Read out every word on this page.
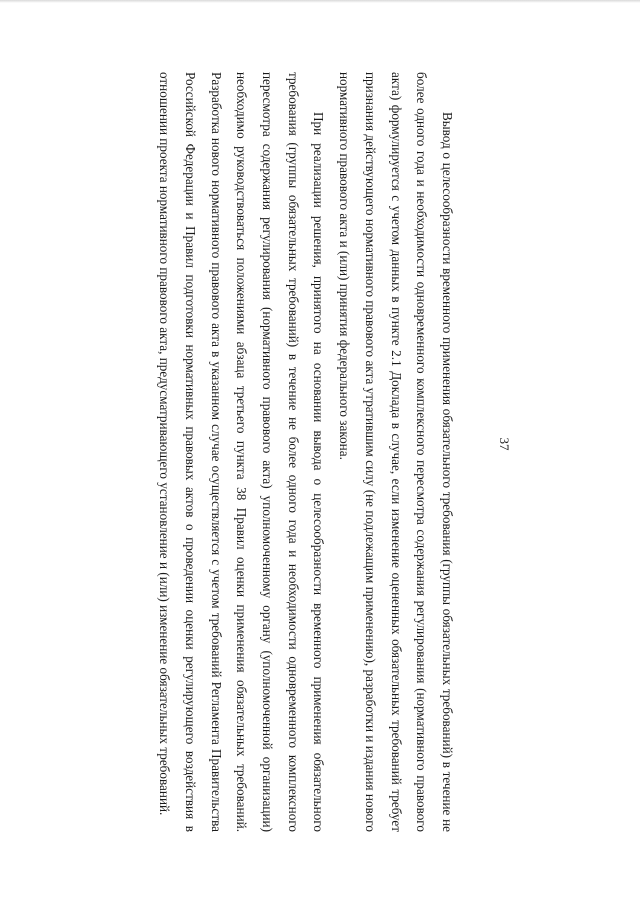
37

Вывод о целесообразности временного применения обязательного требования (группы обязательных требований) в течение не более одного года и необходимости одновременного комплексного пересмотра содержания регулирования (нормативного правового акта) формулируется с учетом данных в пункте 2.1 Доклада в случае, если изменение оцененных обязательных требований требует признания действующего нормативного правового акта утратившим силу (не подлежащим применению), разработки и издания нового нормативного правового акта и (или) принятия федерального закона.

При реализации решения, принятого на основании вывода о целесообразности временного применения обязательного требования (группы обязательных требований) в течение не более одного года и необходимости одновременного комплексного пересмотра содержания регулирования (нормативного правового акта) уполномоченному органу (уполномоченной организации) необходимо руководствоваться положениями абзаца третьего пункта 38 Правил оценки применения обязательных требований. Разработка нового нормативного правового акта в указанном случае осуществляется с учетом требований Регламента Правительства Российской Федерации и Правил подготовки нормативных правовых актов о проведении оценки регулирующего воздействия в отношении проекта нормативного правового акта, предусматривающего установление и (или) изменение обязательных требований.
